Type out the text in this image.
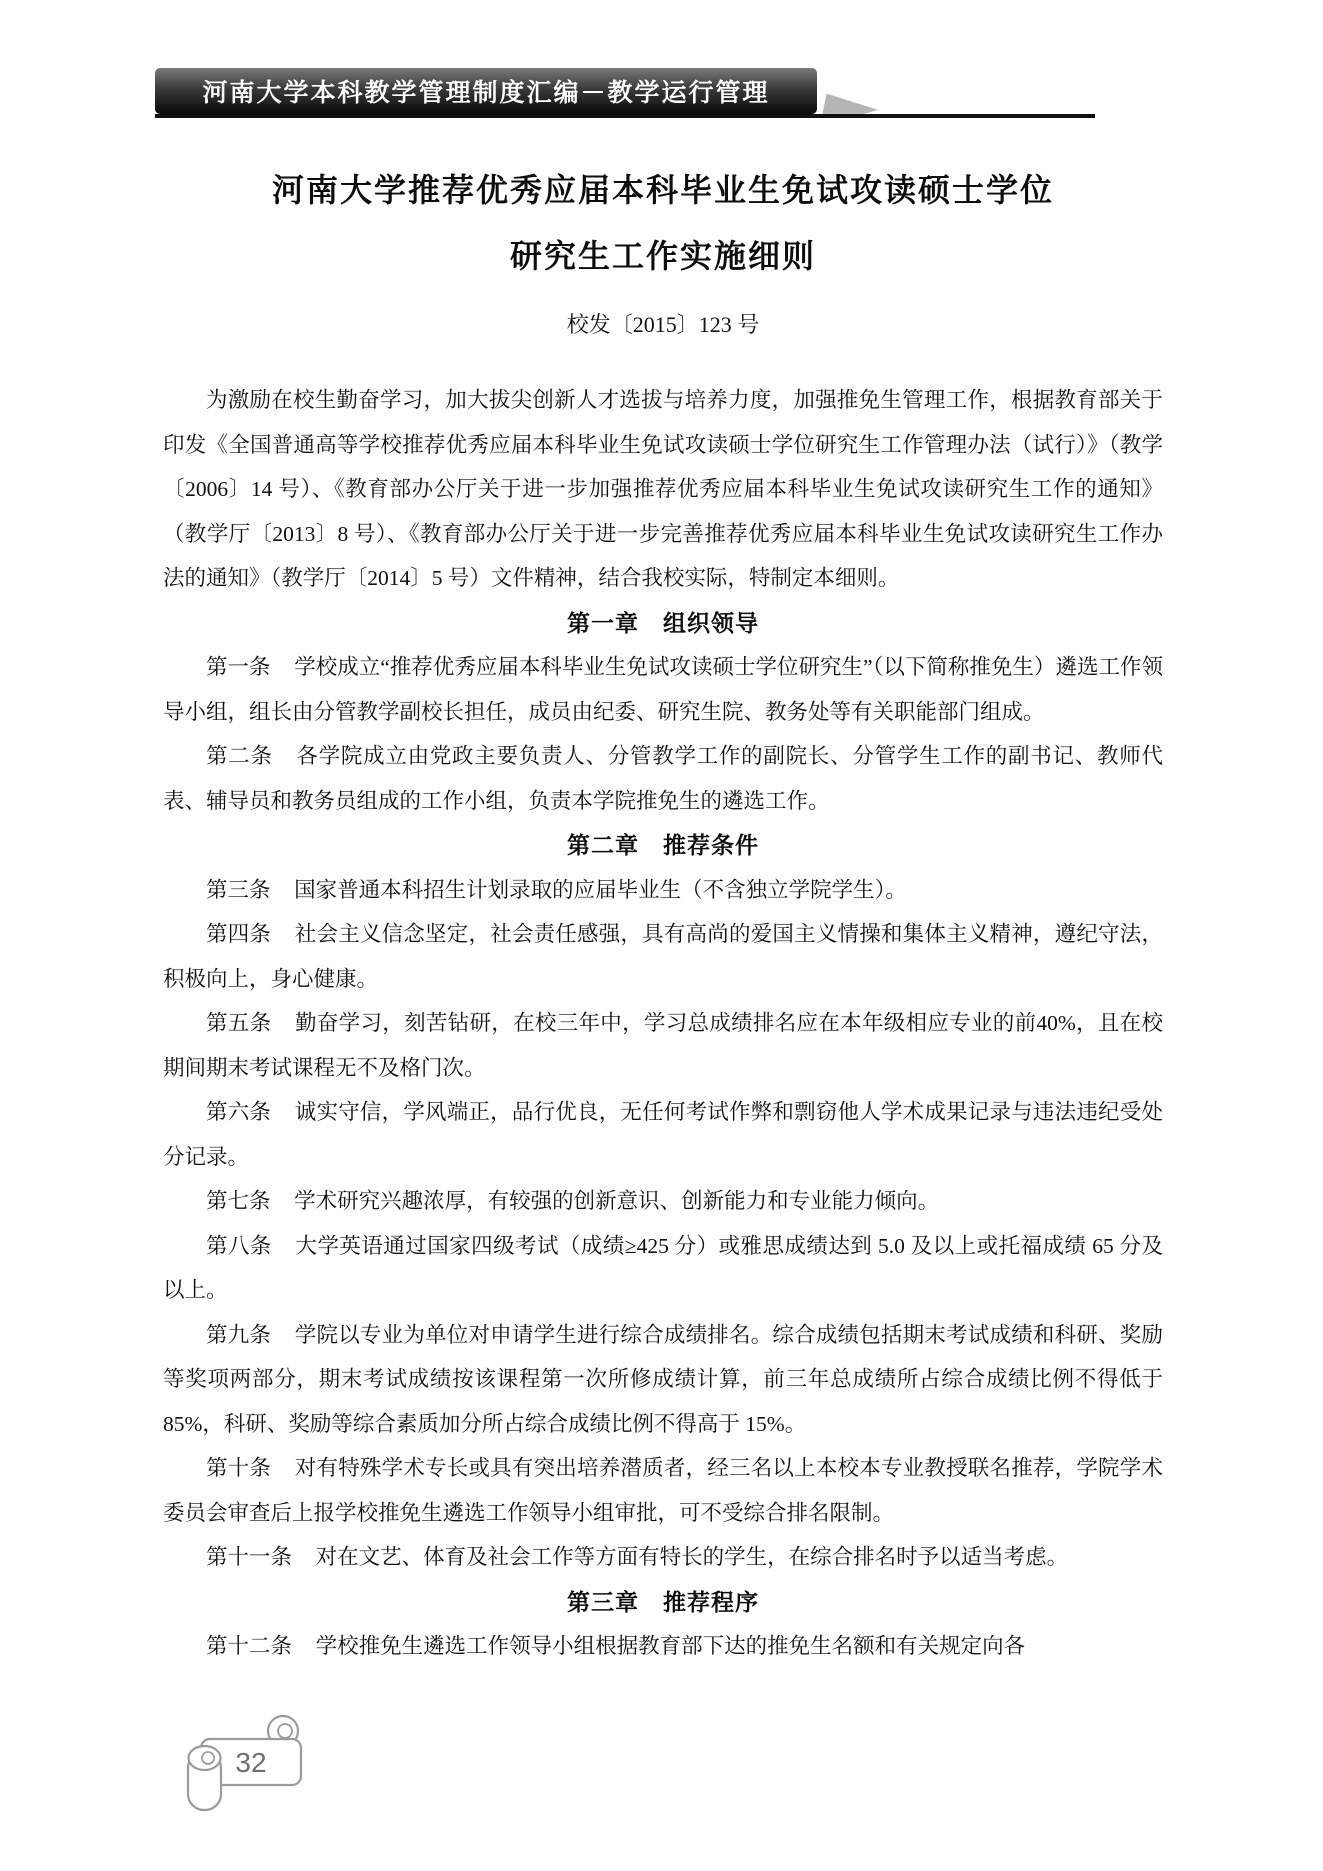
河南大学本科教学管理制度汇编－教学运行管理
河南大学推荐优秀应届本科毕业生免试攻读硕士学位
研究生工作实施细则
校发〔2015〕123 号

为激励在校生勤奋学习，加大拔尖创新人才选拔与培养力度，加强推免生管理工作，根据教育部关于印发《全国普通高等学校推荐优秀应届本科毕业生免试攻读硕士学位研究生工作管理办法（试行）》（教学〔2006〕14 号）、《教育部办公厅关于进一步加强推荐优秀应届本科毕业生免试攻读研究生工作的通知》（教学厅〔2013〕8 号）、《教育部办公厅关于进一步完善推荐优秀应届本科毕业生免试攻读研究生工作办法的通知》（教学厅〔2014〕5 号）文件精神，结合我校实际，特制定本细则。

第一章　组织领导

第一条 学校成立“推荐优秀应届本科毕业生免试攻读硕士学位研究生”（以下简称推免生）遴选工作领导小组，组长由分管教学副校长担任，成员由纪委、研究生院、教务处等有关职能部门组成。

第二条 各学院成立由党政主要负责人、分管教学工作的副院长、分管学生工作的副书记、教师代表、辅导员和教务员组成的工作小组，负责本学院推免生的遴选工作。

第二章　推荐条件

第三条 国家普通本科招生计划录取的应届毕业生（不含独立学院学生）。

第四条 社会主义信念坚定，社会责任感强，具有高尚的爱国主义情操和集体主义精神，遵纪守法，积极向上，身心健康。

第五条 勤奋学习，刻苦钻研，在校三年中，学习总成绩排名应在本年级相应专业的前40%，且在校期间期末考试课程无不及格门次。

第六条 诚实守信，学风端正，品行优良，无任何考试作弊和剽窃他人学术成果记录与违法违纪受处分记录。

第七条 学术研究兴趣浓厚，有较强的创新意识、创新能力和专业能力倾向。

第八条 大学英语通过国家四级考试（成绩≥425 分）或雅思成绩达到 5.0 及以上或托福成绩 65 分及以上。

第九条 学院以专业为单位对申请学生进行综合成绩排名。综合成绩包括期末考试成绩和科研、奖励等奖项两部分，期末考试成绩按该课程第一次所修成绩计算，前三年总成绩所占综合成绩比例不得低于 85%，科研、奖励等综合素质加分所占综合成绩比例不得高于 15%。

第十条 对有特殊学术专长或具有突出培养潜质者，经三名以上本校本专业教授联名推荐，学院学术委员会审查后上报学校推免生遴选工作领导小组审批，可不受综合排名限制。

第十一条 对在文艺、体育及社会工作等方面有特长的学生，在综合排名时予以适当考虑。

第三章　推荐程序

第十二条 学校推免生遴选工作领导小组根据教育部下达的推免生名额和有关规定向各

32
